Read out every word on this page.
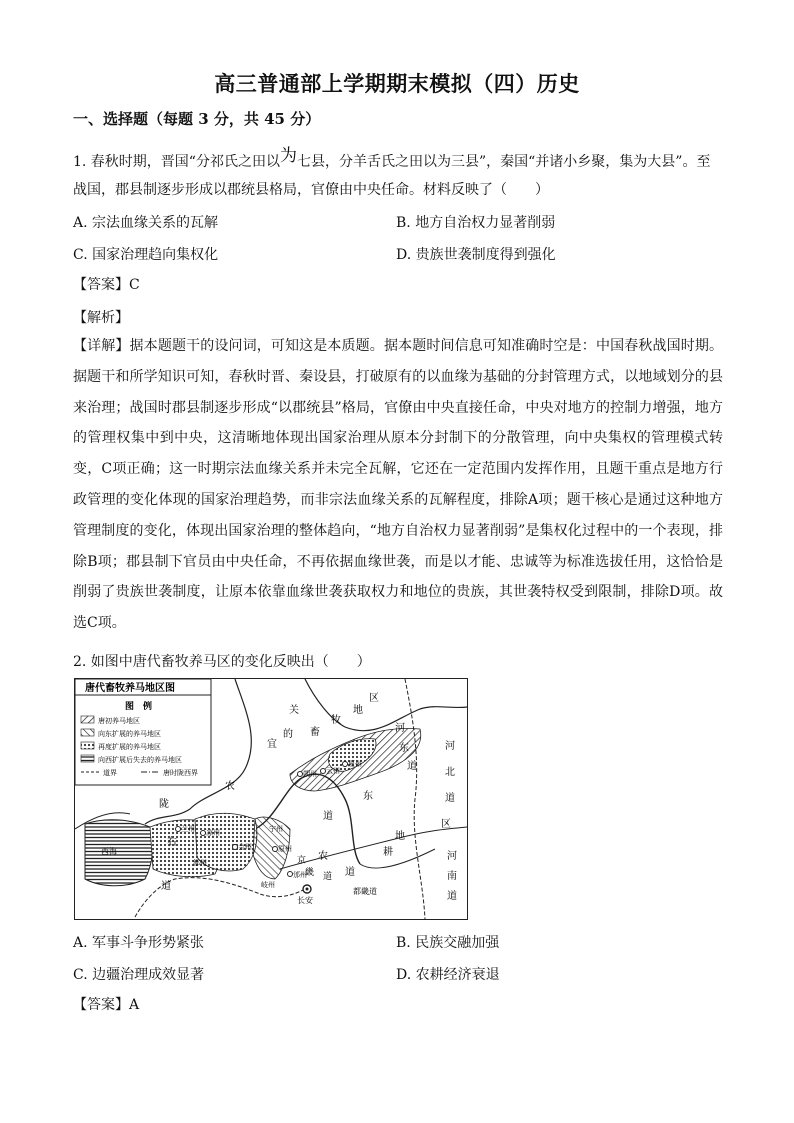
高三普通部上学期期末模拟（四）历史
一、选择题（每题 3 分，共 45 分）
1. 春秋时期，晋国“分祁氏之田以为七县，分羊舌氏之田以为三县”，秦国“并诸小乡聚，集为大县”。至
战国，郡县制逐步形成以郡统县格局，官僚由中央任命。材料反映了（　　）
A. 宗法血缘关系的瓦解	B. 地方自治权力显著削弱
C. 国家治理趋向集权化	D. 贵族世袭制度得到强化
【答案】C
【解析】
【详解】据本题题干的设问词，可知这是本质题。据本题时间信息可知准确时空是：中国春秋战国时期。据题干和所学知识可知，春秋时晋、秦设县，打破原有的以血缘为基础的分封管理方式，以地域划分的县来治理；战国时郡县制逐步形成“以郡统县”格局，官僚由中央直接任命，中央对地方的控制力增强，地方的管理权集中到中央，这清晰地体现出国家治理从原本分封制下的分散管理，向中央集权的管理模式转变，C项正确；这一时期宗法血缘关系并未完全瓦解，它还在一定范围内发挥作用，且题干重点是地方行政管理的变化体现的国家治理趋势，而非宗法血缘关系的瓦解程度，排除A项；题干核心是通过这种地方管理制度的变化，体现出国家治理的整体趋向，“地方自治权力显著削弱”是集权化过程中的一个表现，排除B项；郡县制下官员由中央任命，不再依据血缘世袭，而是以才能、忠诚等为标准选拔任用，这恰恰是削弱了贵族世袭制度，让原本依靠血缘世袭获取权力和地位的贵族，其世袭特权受到限制，排除D项。故选C项。
2. 如图中唐代畜牧养马区的变化反映出（　　）
唐代畜牧养马地区图
图　例
唐初养马地区
向东扩展的养马地区
再度扩展的养马地区
向西扩展后失去的养马地区
道界	唐时陇西界
关
区
畜
牧
地
河
东
道
河
北
道
区
河
南
道
宜
的
农
陇
右
道
东
道
地
农	耕
道
京
畿 道
都畿道
长安
西海
兰州 凉州
鄯州
会州	原州
宁州
邠州
岐州
朔州 云州
夏州
A. 军事斗争形势紧张	B. 民族交融加强
C. 边疆治理成效显著	D. 农耕经济衰退
【答案】A
